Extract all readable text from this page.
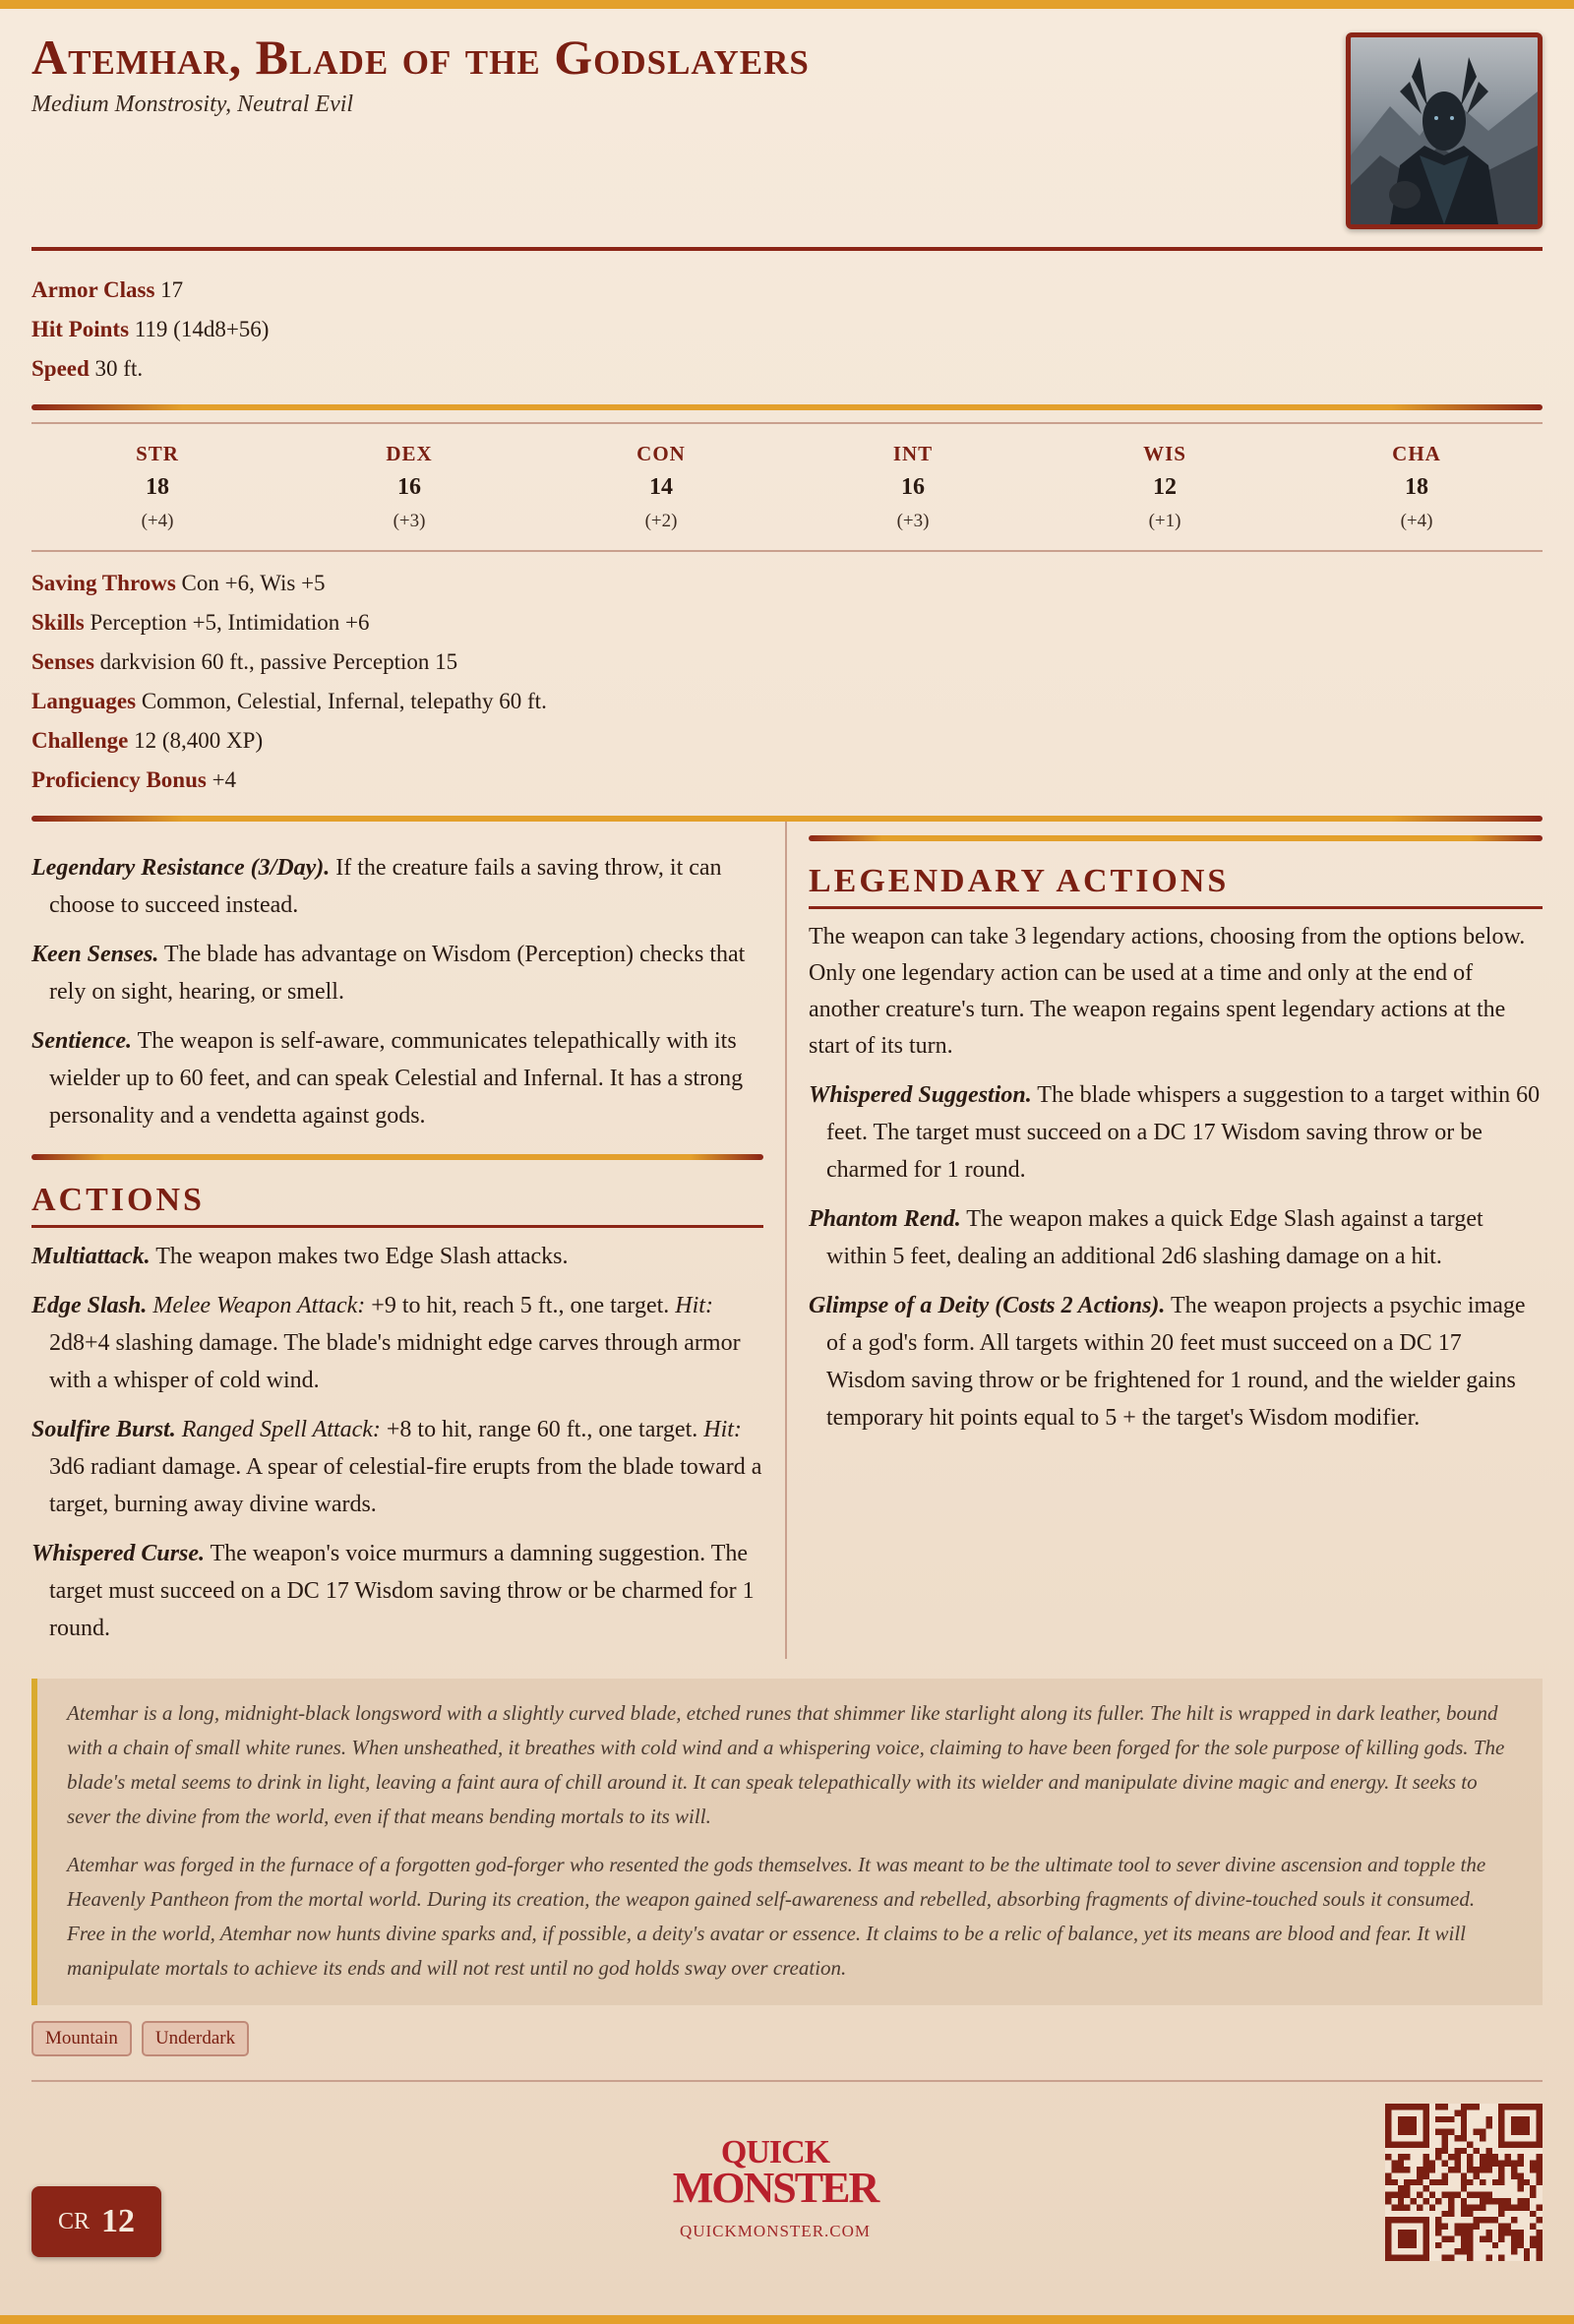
Atemhar, Blade of the Godslayers
Medium Monstrosity, Neutral Evil
Armor Class 17
Hit Points 119 (14d8+56)
Speed 30 ft.
STR
18
(+4)
DEX
16
(+3)
CON
14
(+2)
INT
16
(+3)
WIS
12
(+1)
CHA
18
(+4)
Saving Throws Con +6, Wis +5
Skills Perception +5, Intimidation +6
Senses darkvision 60 ft., passive Perception 15
Languages Common, Celestial, Infernal, telepathy 60 ft.
Challenge 12 (8,400 XP)
Proficiency Bonus +4
Legendary Resistance (3/Day). If the creature fails a saving throw, it can choose to succeed instead.
Keen Senses. The blade has advantage on Wisdom (Perception) checks that rely on sight, hearing, or smell.
Sentience. The weapon is self-aware, communicates telepathically with its wielder up to 60 feet, and can speak Celestial and Infernal. It has a strong personality and a vendetta against gods.
ACTIONS
Multiattack. The weapon makes two Edge Slash attacks.
Edge Slash. Melee Weapon Attack: +9 to hit, reach 5 ft., one target. Hit: 2d8+4 slashing damage. The blade's midnight edge carves through armor with a whisper of cold wind.
Soulfire Burst. Ranged Spell Attack: +8 to hit, range 60 ft., one target. Hit: 3d6 radiant damage. A spear of celestial-fire erupts from the blade toward a target, burning away divine wards.
Whispered Curse. The weapon's voice murmurs a damning suggestion. The target must succeed on a DC 17 Wisdom saving throw or be charmed for 1 round.
LEGENDARY ACTIONS
The weapon can take 3 legendary actions, choosing from the options below. Only one legendary action can be used at a time and only at the end of another creature's turn. The weapon regains spent legendary actions at the start of its turn.
Whispered Suggestion. The blade whispers a suggestion to a target within 60 feet. The target must succeed on a DC 17 Wisdom saving throw or be charmed for 1 round.
Phantom Rend. The weapon makes a quick Edge Slash against a target within 5 feet, dealing an additional 2d6 slashing damage on a hit.
Glimpse of a Deity (Costs 2 Actions). The weapon projects a psychic image of a god's form. All targets within 20 feet must succeed on a DC 17 Wisdom saving throw or be frightened for 1 round, and the wielder gains temporary hit points equal to 5 + the target's Wisdom modifier.

Atemhar is a long, midnight-black longsword with a slightly curved blade, etched runes that shimmer like starlight along its fuller. The hilt is wrapped in dark leather, bound with a chain of small white runes. When unsheathed, it breathes with cold wind and a whispering voice, claiming to have been forged for the sole purpose of killing gods. The blade's metal seems to drink in light, leaving a faint aura of chill around it. It can speak telepathically with its wielder and manipulate divine magic and energy. It seeks to sever the divine from the world, even if that means bending mortals to its will.

Atemhar was forged in the furnace of a forgotten god-forger who resented the gods themselves. It was meant to be the ultimate tool to sever divine ascension and topple the Heavenly Pantheon from the mortal world. During its creation, the weapon gained self-awareness and rebelled, absorbing fragments of divine-touched souls it consumed. Free in the world, Atemhar now hunts divine sparks and, if possible, a deity's avatar or essence. It claims to be a relic of balance, yet its means are blood and fear. It will manipulate mortals to achieve its ends and will not rest until no god holds sway over creation.

Mountain	Underdark
CR 12
QUICK
MONSTER
QUICKMONSTER.COM
